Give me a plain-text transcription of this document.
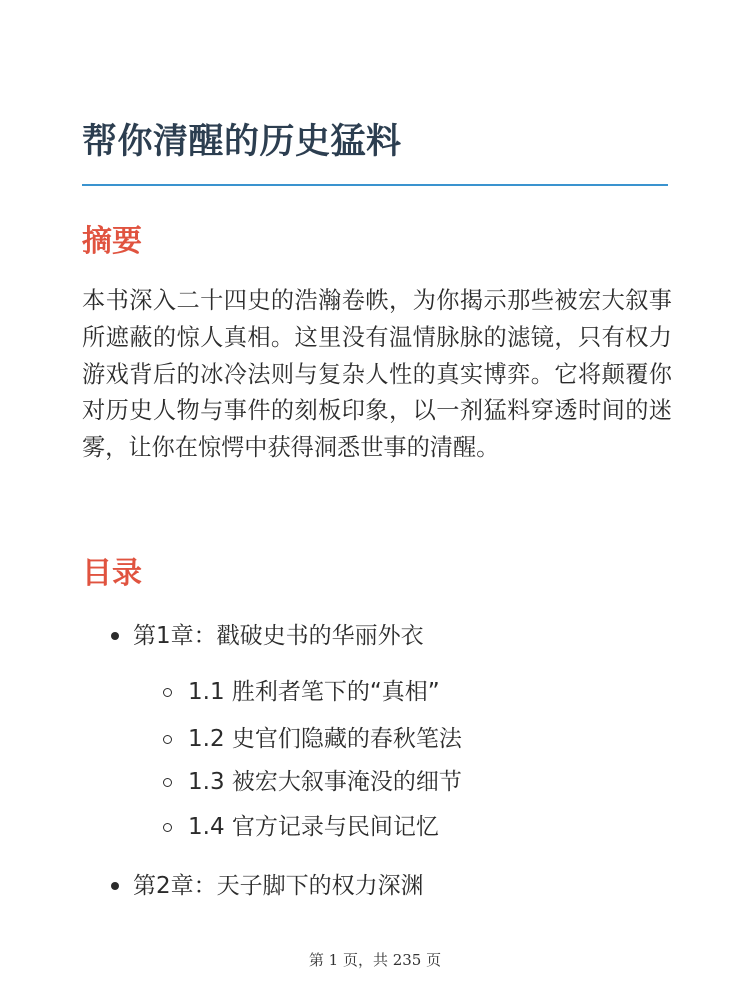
帮你清醒的历史猛料
摘要

本书深入二十四史的浩瀚卷帙，为你揭示那些被宏大叙事所遮蔽的惊人真相。这里没有温情脉脉的滤镜，只有权力游戏背后的冰冷法则与复杂人性的真实博弈。它将颠覆你对历史人物与事件的刻板印象，以一剂猛料穿透时间的迷雾，让你在惊愕中获得洞悉世事的清醒。

目录
第1章：戳破史书的华丽外衣
1.1 胜利者笔下的“真相”
1.2 史官们隐藏的春秋笔法
1.3 被宏大叙事淹没的细节
1.4 官方记录与民间记忆
第2章：天子脚下的权力深渊
第 1 页，共 235 页
